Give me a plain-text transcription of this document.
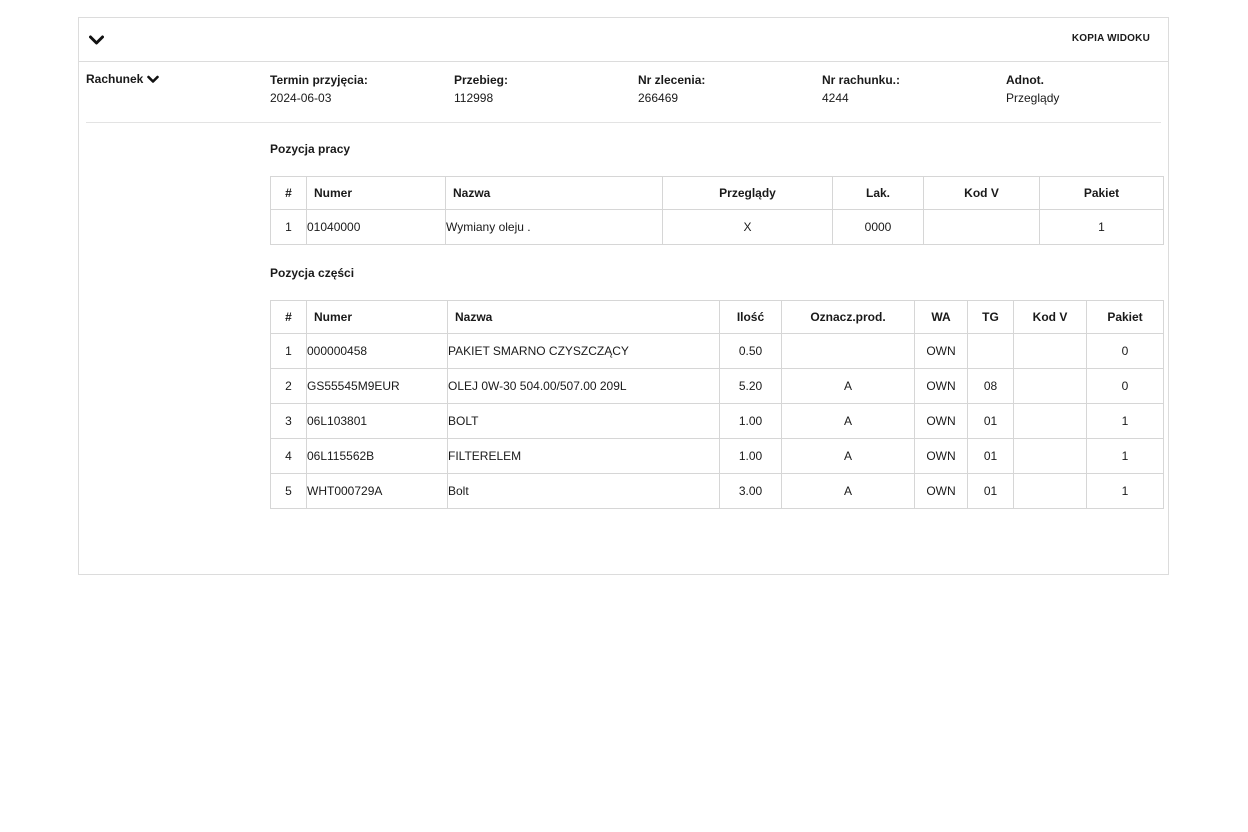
KOPIA WIDOKU
Rachunek	Termin przyjęcia:
2024-06-03
Przebieg:
112998
Nr zlecenia:
266469
Nr rachunku.:
4244
Adnot.
Przeglądy
Pozycja pracy
#	Numer	Nazwa	Przeglądy	Lak.	Kod V	Pakiet
1	01040000	Wymiany oleju .	X	0000		1
Pozycja części
#	Numer	Nazwa	Ilość	Oznacz.prod.	WA	TG	Kod V	Pakiet
1	000000458	PAKIET SMARNO CZYSZCZĄCY	0.50		OWN			0
2	GS55545M9EUR	OLEJ 0W-30 504.00/507.00 209L	5.20	A	OWN	08		0
3	06L103801	BOLT	1.00	A	OWN	01		1
4	06L115562B	FILTERELEM	1.00	A	OWN	01		1
5	WHT000729A	Bolt	3.00	A	OWN	01		1
